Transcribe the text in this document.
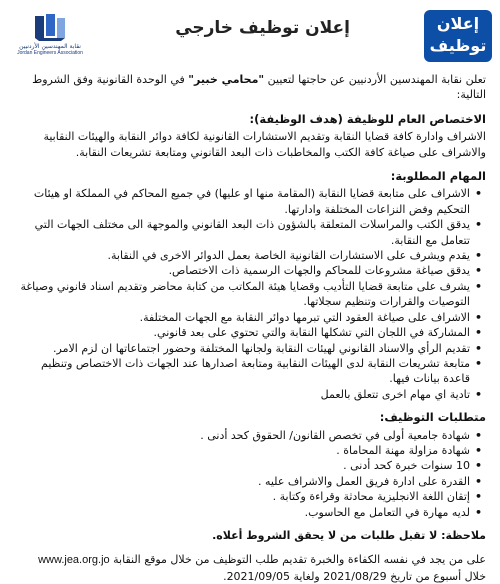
إعلان
توظيف
إعلان توظيف خارجي
نقابة المهندسين الأردنيين
Jordan Engineers Association

تعلن نقابة المهندسين الأردنيين عن حاجتها لتعيين "محامي خبير" في الوحدة القانونية وفق الشروط التالية:

الاختصاص العام للوظيفة (هدف الوظيفة):

الاشراف وادارة كافة قضايا النقابة وتقديم الاستشارات القانونية لكافة دوائر النقابة والهيئات النقابية والاشراف على صياغة كافة الكتب والمخاطبات ذات البعد القانوني ومتابعة تشريعات النقابة.

المهام المطلوبة:
• الاشراف على متابعة قضايا النقابة (المقامة منها او عليها) في جميع المحاكم في المملكة او هيئات التحكيم وفض النزاعات المختلفة وادارتها.
• يدقق الكتب والمراسلات المتعلقة بالشؤون ذات البعد القانوني والموجهة الى مختلف الجهات التي تتعامل مع النقابة.
• يقدم ويشرف على الاستشارات القانونية الخاصة بعمل الدوائر الاخرى في النقابة.
• يدقق صياغة مشروعات للمحاكم والجهات الرسمية ذات الاختصاص.
• يشرف على متابعة قضايا التأديب وقضايا هيئة المكاتب من كتابة محاضر وتقديم اسناد قانوني وصياغة التوصيات والقرارات وتنظيم سجلاتها.
• الاشراف على صياغة العقود التي تبرمها دوائر النقابة مع الجهات المختلفة.
• المشاركة في اللجان التي تشكلها النقابة والتي تحتوي على بعد قانوني.
• تقديم الرأي والاسناد القانوني لهيئات النقابة ولجانها المختلفة وحضور اجتماعاتها ان لزم الامر.
• متابعة تشريعات النقابة لدى الهيئات النقابية ومتابعة اصدارها عند الجهات ذات الاختصاص وتنظيم قاعدة بيانات فيها.
• تادية اي مهام اخرى تتعلق بالعمل
متطلبات التوظيف:
• شهادة جامعية أولى في تخصص القانون/ الحقوق كحد أدنى .
• شهادة مزاولة مهنة المحاماة .
• 10 سنوات خبرة كحد أدنى .
• القدرة على ادارة فريق العمل والاشراف عليه .
• إتقان اللغة الانجليزية محادثة وقراءة وكتابة .
• لديه مهارة في التعامل مع الحاسوب.

ملاحظة: لا تقبل طلبات من لا يحقق الشروط أعلاه.

على من يجد في نفسه الكفاءة والخبرة تقديم طلب التوظيف من خلال موقع النقابة www.jea.org.jo

خلال أسبوع من تاريخ 2021/08/29 ولغاية 2021/09/05.
